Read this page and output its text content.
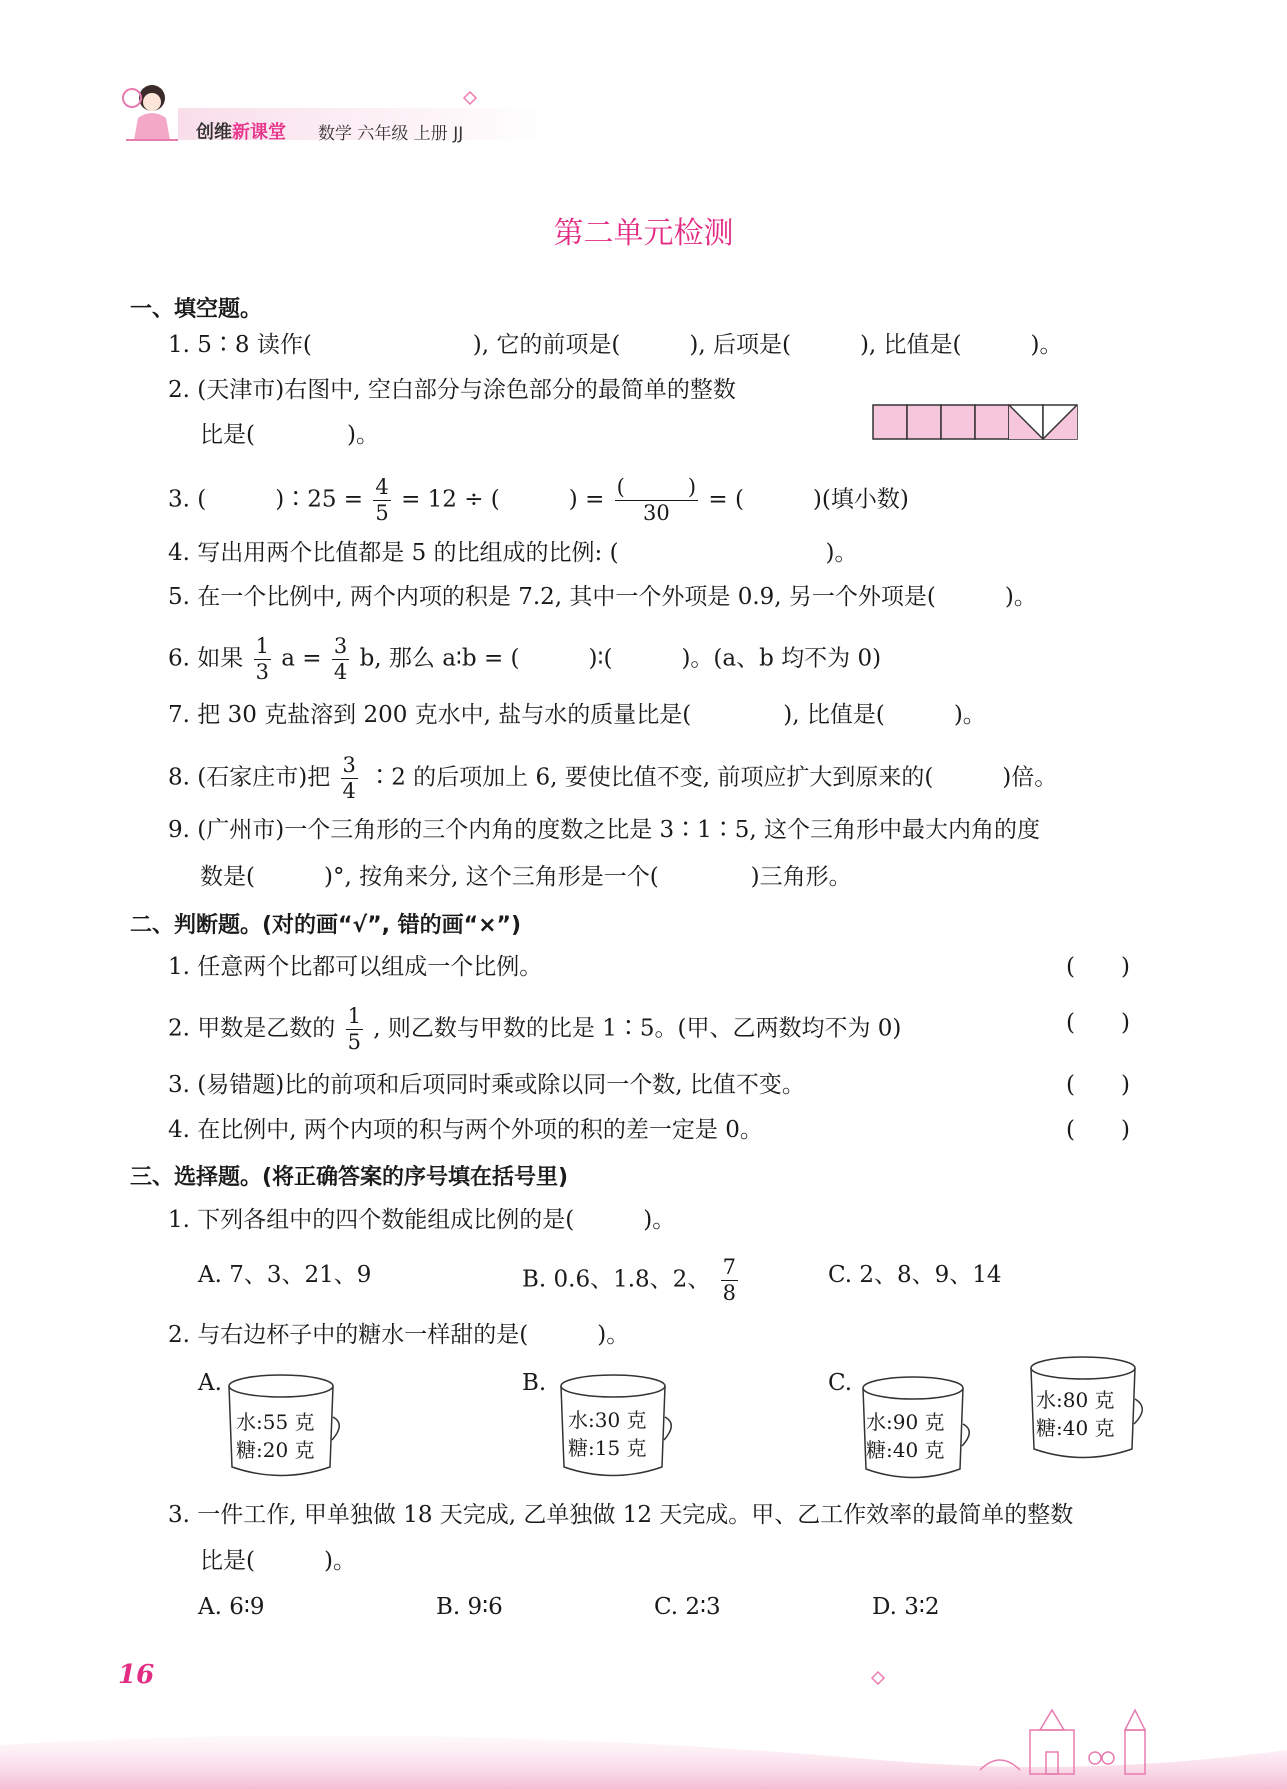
创维新课堂 数学 六年级 上册 JJ
第二单元检测
一、填空题。
1. 5∶8 读作(　　　　　　　), 它的前项是(　　　), 后项是(　　　), 比值是(　　　)。
2. (天津市)右图中, 空白部分与涂色部分的最简单的整数
比是(　　　　)。
3. (　　　)∶25 = $\frac{4}{5} = 12$ ÷ (　　　) = $\frac{( )}{30}$ = (　　　)(填小数)
4. 写出用两个比值都是 5 的比组成的比例: (　　　　　　　　　)。
5. 在一个比例中, 两个内项的积是 7.2, 其中一个外项是 0.9, 另一个外项是(　　　)。
6. 如果 $\frac{1}{3}$ $a = \frac{3}{4} b$, 那么 a∶b = (　　　)∶(　　　)。(a、b 均不为 0)
7. 把 30 克盐溶到 200 克水中, 盐与水的质量比是(　　　　), 比值是(　　　)。
8. (石家庄市)把 $\frac{3}{4}$ ∶2 的后项加上 6, 要使比值不变, 前项应扩大到原来的(　　　)倍。
9. (广州市)一个三角形的三个内角的度数之比是 3∶1∶5, 这个三角形中最大内角的度
数是(　　　)°, 按角来分, 这个三角形是一个(　　　　)三角形。
二、判断题。(对的画“√”, 错的画“×”)
1. 任意两个比都可以组成一个比例。	(　　)
2. 甲数是乙数的 $\frac{1}{5}$ , 则乙数与甲数的比是 1∶5。(甲、乙两数均不为 0)	(　　)
3. (易错题)比的前项和后项同时乘或除以同一个数, 比值不变。	(　　)
4. 在比例中, 两个内项的积与两个外项的积的差一定是 0。	(　　)
三、选择题。(将正确答案的序号填在括号里)
1. 下列各组中的四个数能组成比例的是(　　　)。
A. 7、3、21、9	B. 0.6、1.8、2、 $\frac{7}{8}$	C. 2、8、9、14
2. 与右边杯子中的糖水一样甜的是(　　　)。
A.	B.	C.
水:55 克
糖:20 克
水:30 克
糖:15 克
水:90 克
糖:40 克
水:80 克
糖:40 克
3. 一件工作, 甲单独做 18 天完成, 乙单独做 12 天完成。甲、乙工作效率的最简单的整数
比是(　　　)。
A. 6∶9	B. 9∶6	C. 2∶3	D. 3∶2
16
